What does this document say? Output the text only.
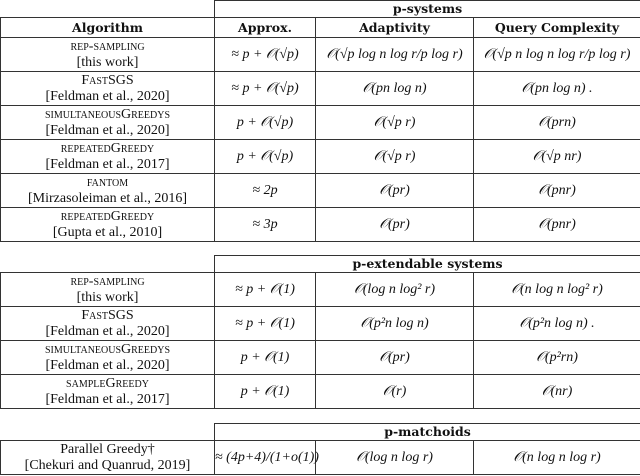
	p-systems		
Algorithm	Approx.	Adaptivity	Query Complexity

rep-sampling
[this work]	≈ p + 𝒪(√p)	𝒪(√p log n log r/p log r)	𝒪(√p n log n log r/p log r)

FastSGS
[Feldman et al., 2020]	≈ p + 𝒪(√p)	𝒪(pn log n)	𝒪(pn log n) .

simultaneousGreedys
[Feldman et al., 2020]	p + 𝒪(√p)	𝒪(√p r)	𝒪(prn)

repeatedGreedy
[Feldman et al., 2017]	p + 𝒪(√p)	𝒪(√p r)	𝒪(√p nr)

fantom
[Mirzasoleiman et al., 2016]	≈ 2p	𝒪(pr)	𝒪(pnr)

repeatedGreedy
[Gupta et al., 2010]	≈ 3p	𝒪(pr)	𝒪(pnr)
	p-extendable systems		

rep-sampling
[this work]	≈ p + 𝒪(1)	𝒪(log n log² r)	𝒪(n log n log² r)

FastSGS
[Feldman et al., 2020]	≈ p + 𝒪(1)	𝒪(p²n log n)	𝒪(p²n log n) .

simultaneousGreedys
[Feldman et al., 2020]	p + 𝒪(1)	𝒪(pr)	𝒪(p²rn)

sampleGreedy
[Feldman et al., 2017]	p + 𝒪(1)	𝒪(r)	𝒪(nr)
	p-matchoids		

Parallel Greedy†
[Chekuri and Quanrud, 2019]	≈ (4p+4)/(1+o(1))	𝒪(log n log r)	𝒪(n log n log r)
